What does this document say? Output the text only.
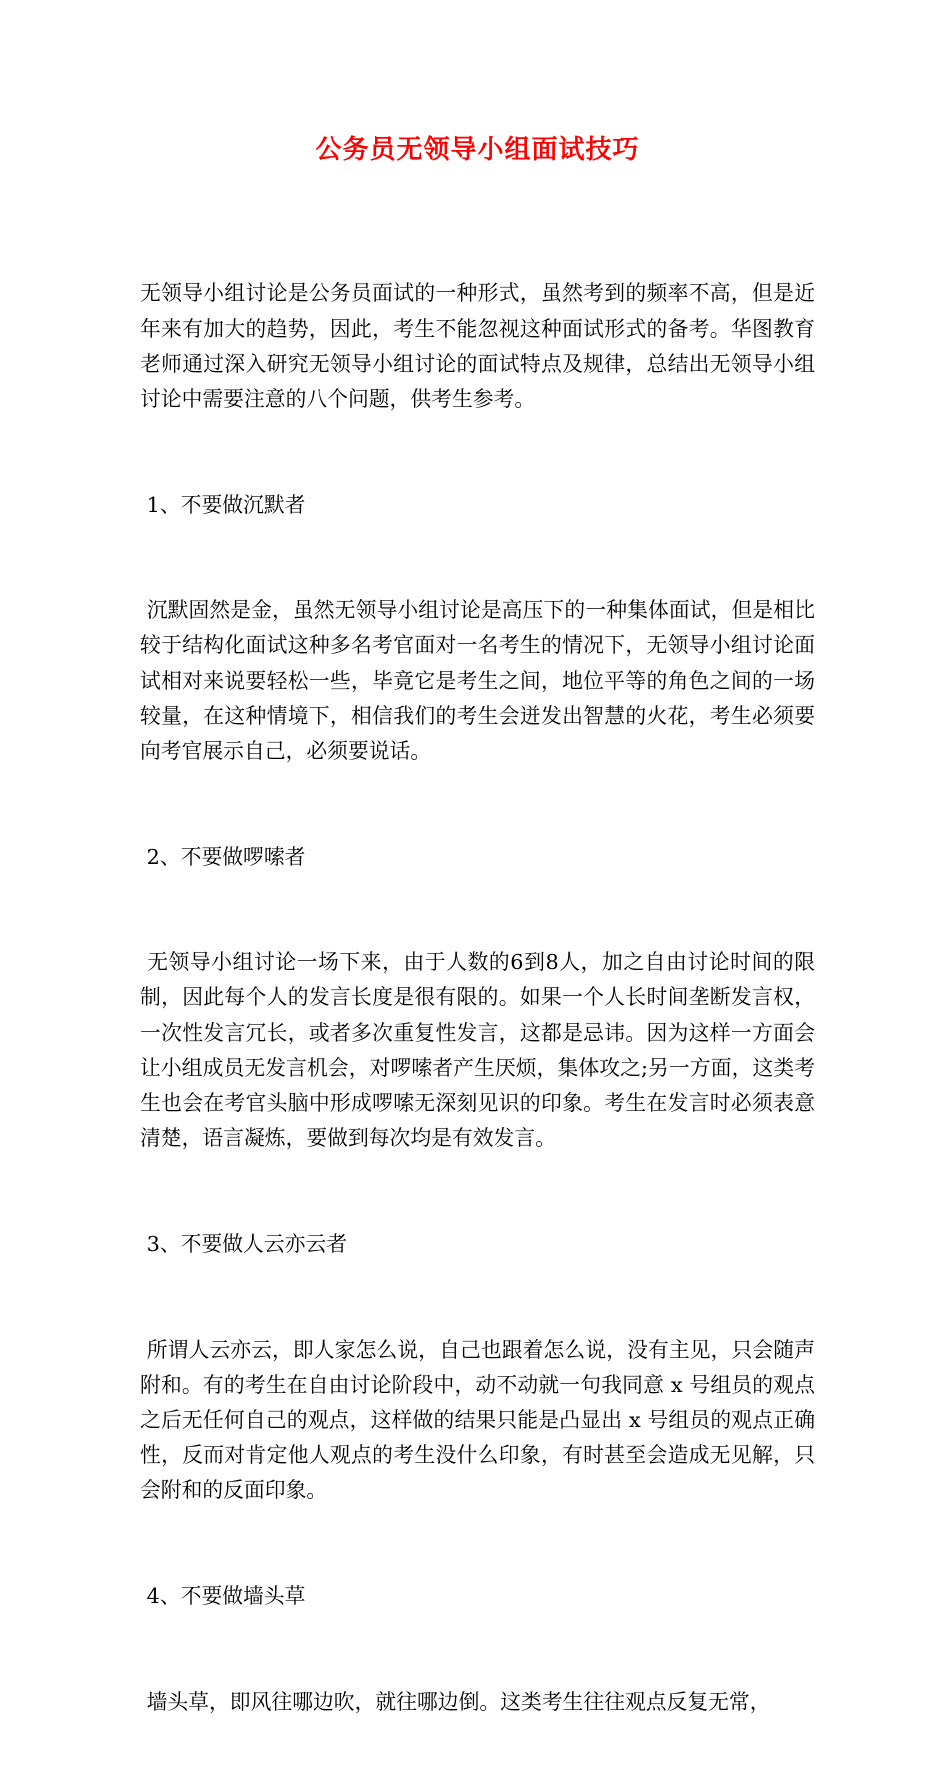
公务员无领导小组面试技巧

无领导小组讨论是公务员面试的一种形式，虽然考到的频率不高，但是近年来有加大的趋势，因此，考生不能忽视这种面试形式的备考。华图教育老师通过深入研究无领导小组讨论的面试特点及规律，总结出无领导小组讨论中需要注意的八个问题，供考生参考。

1、不要做沉默者

沉默固然是金，虽然无领导小组讨论是高压下的一种集体面试，但是相比较于结构化面试这种多名考官面对一名考生的情况下，无领导小组讨论面试相对来说要轻松一些，毕竟它是考生之间，地位平等的角色之间的一场较量，在这种情境下，相信我们的考生会迸发出智慧的火花，考生必须要向考官展示自己，必须要说话。

2、不要做啰嗦者

无领导小组讨论一场下来，由于人数的6到8人，加之自由讨论时间的限制，因此每个人的发言长度是很有限的。如果一个人长时间垄断发言权，一次性发言冗长，或者多次重复性发言，这都是忌讳。因为这样一方面会让小组成员无发言机会，对啰嗦者产生厌烦，集体攻之;另一方面，这类考生也会在考官头脑中形成啰嗦无深刻见识的印象。考生在发言时必须表意清楚，语言凝炼，要做到每次均是有效发言。

3、不要做人云亦云者

所谓人云亦云，即人家怎么说，自己也跟着怎么说，没有主见，只会随声附和。有的考生在自由讨论阶段中，动不动就一句我同意 x 号组员的观点之后无任何自己的观点，这样做的结果只能是凸显出 x 号组员的观点正确性，反而对肯定他人观点的考生没什么印象，有时甚至会造成无见解，只会附和的反面印象。

4、不要做墙头草

墙头草，即风往哪边吹，就往哪边倒。这类考生往往观点反复无常，
